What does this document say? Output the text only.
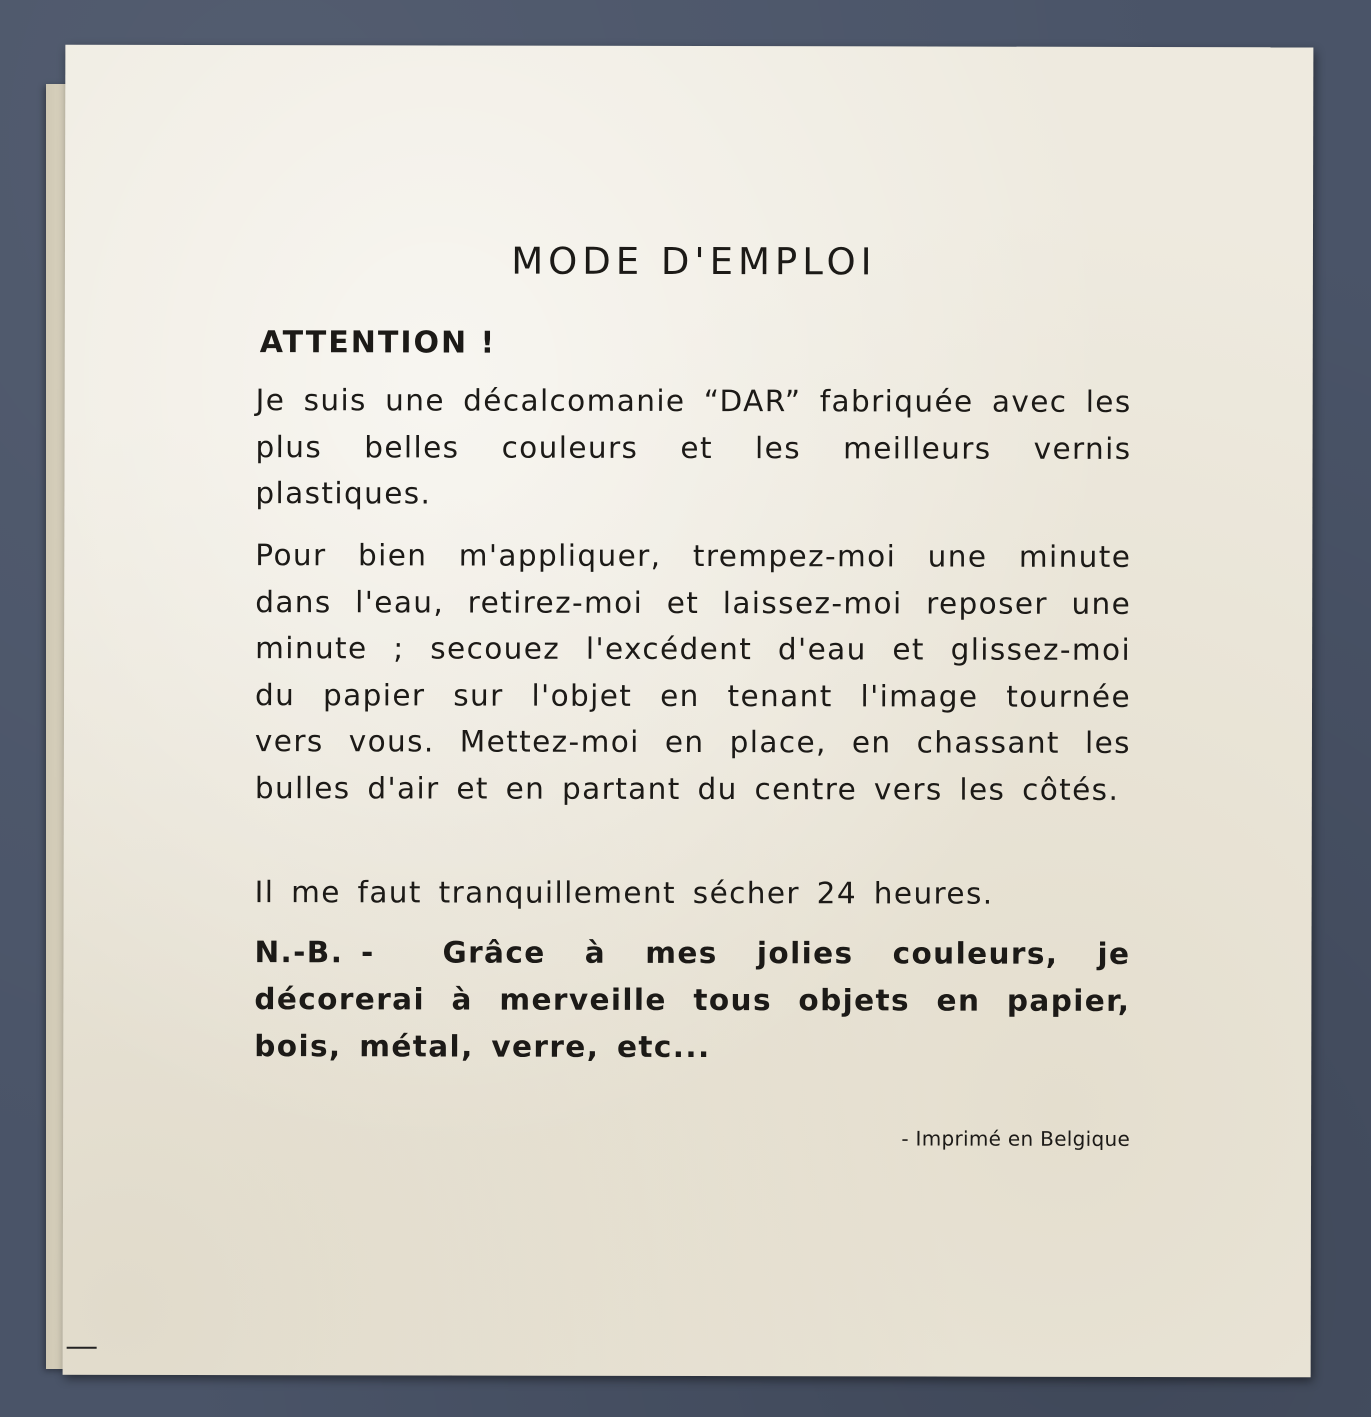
MODE D'EMPLOI
ATTENTION !

Je suis une décalcomanie “DAR” fabriquée avec les plus belles couleurs et les meilleurs vernis plastiques.

Pour bien m'appliquer, trempez-moi une minute dans l'eau, retirez-moi et laissez-moi reposer une minute ; secouez l'excédent d'eau et glissez-moi du papier sur l'objet en tenant l'image tournée vers vous. Mettez-moi en place, en chassant les bulles d'air et en partant du centre vers les côtés.

Il me faut tranquillement sécher 24 heures.

N.-B. -	Grâce à mes jolies couleurs, je décorerai à merveille tous objets en papier, bois, métal, verre, etc...

- Imprimé en Belgique
